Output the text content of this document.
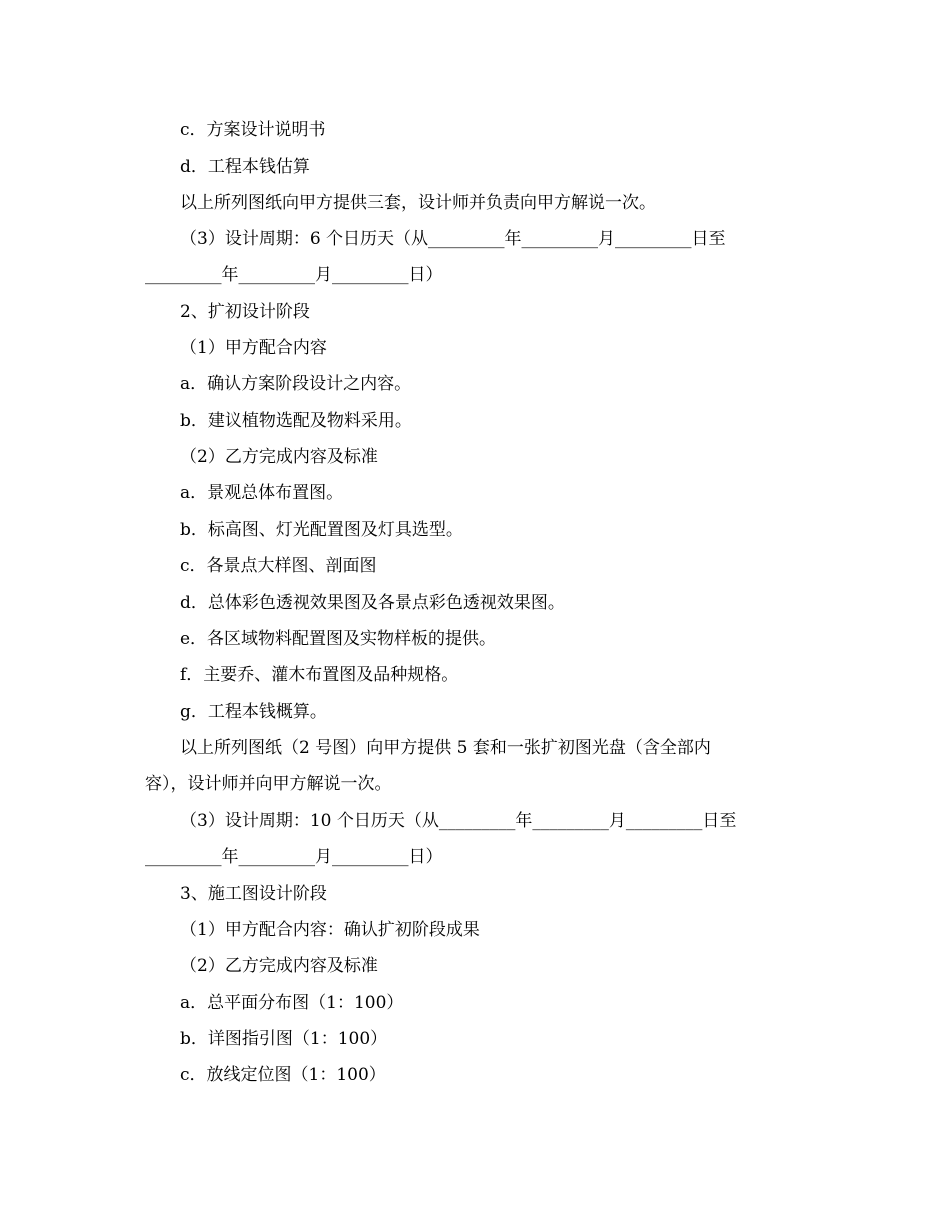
c．方案设计说明书
d．工程本钱估算
以上所列图纸向甲方提供三套，设计师并负责向甲方解说一次。
（3）设计周期：6 个日历天（从_________年_________月_________日至
_________年_________月_________日）
2、扩初设计阶段
（1）甲方配合内容
a．确认方案阶段设计之内容。
b．建议植物选配及物料采用。
（2）乙方完成内容及标准
a．景观总体布置图。
b．标高图、灯光配置图及灯具选型。
c．各景点大样图、剖面图
d．总体彩色透视效果图及各景点彩色透视效果图。
e．各区域物料配置图及实物样板的提供。
f．主要乔、灌木布置图及品种规格。
g．工程本钱概算。
以上所列图纸（2 号图）向甲方提供 5 套和一张扩初图光盘（含全部内
容），设计师并向甲方解说一次。
（3）设计周期：10 个日历天（从_________年_________月_________日至
_________年_________月_________日）
3、施工图设计阶段
（1）甲方配合内容：确认扩初阶段成果
（2）乙方完成内容及标准
a．总平面分布图（1：100）
b．详图指引图（1：100）
c．放线定位图（1：100）
